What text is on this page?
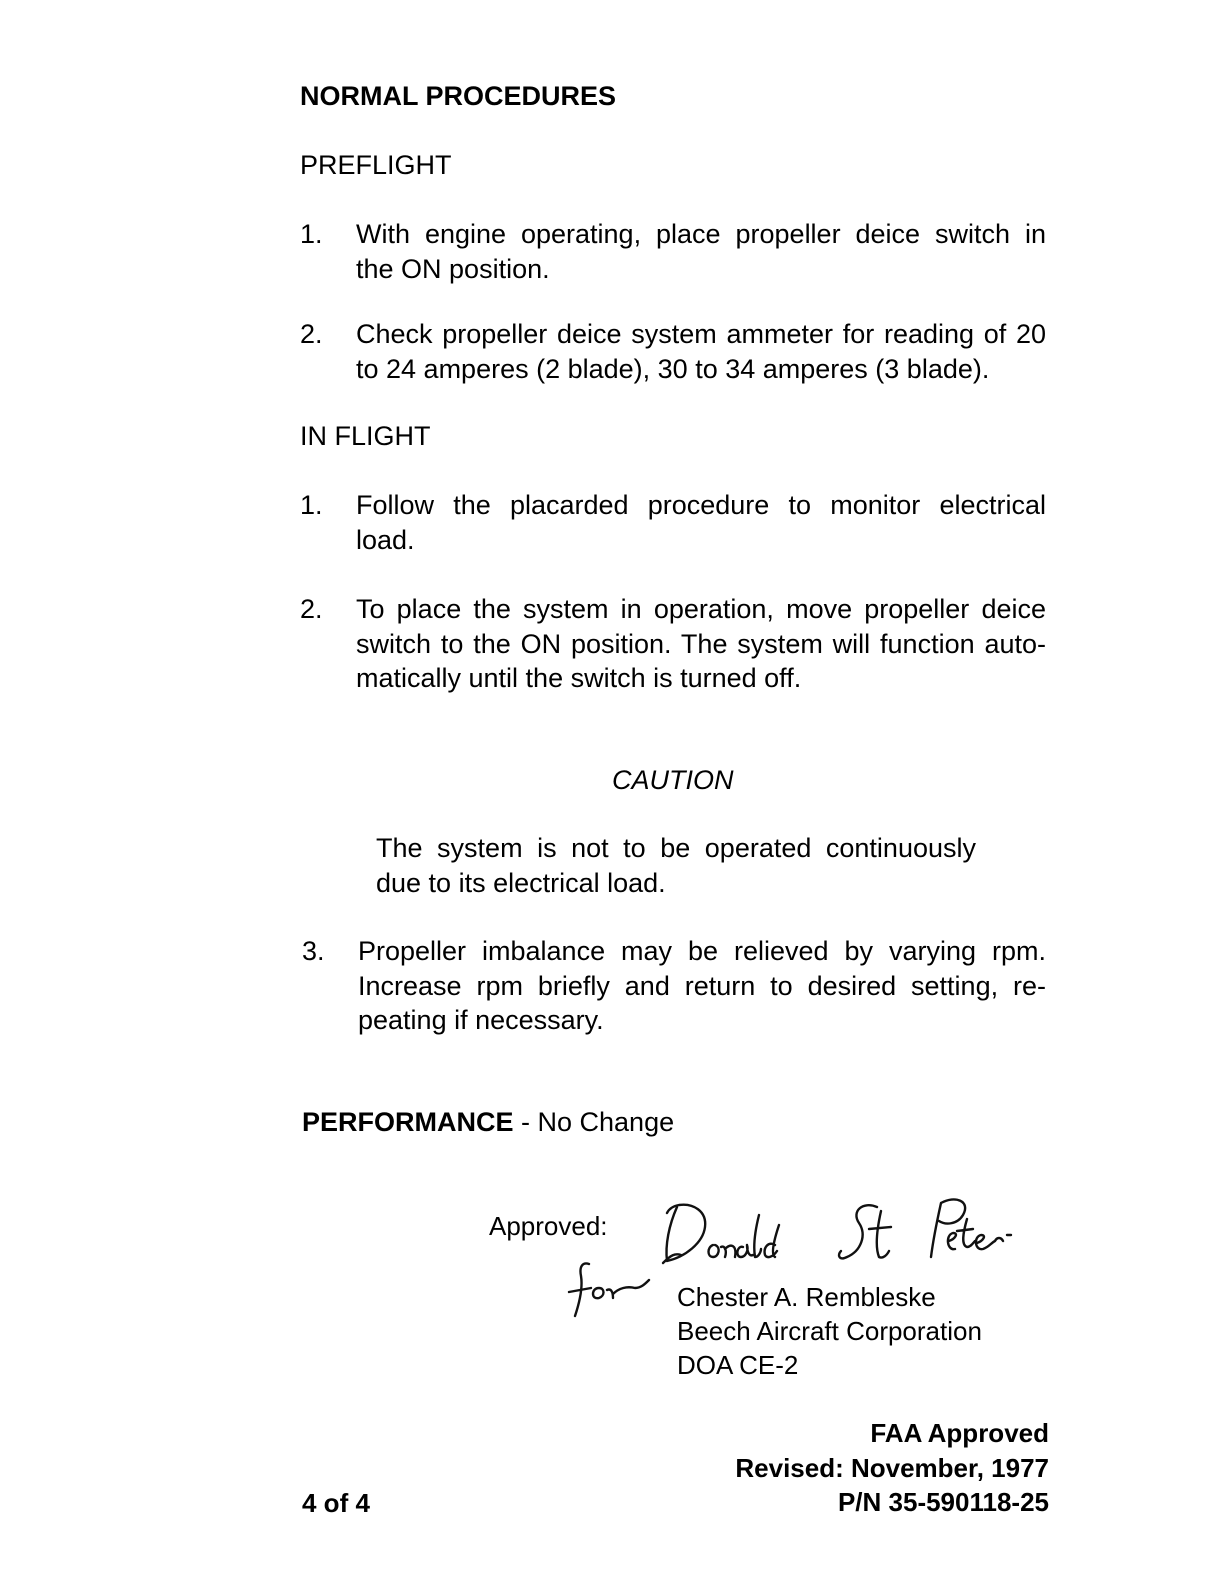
NORMAL PROCEDURES
PREFLIGHT
1. With engine operating, place propeller deice switch in
the ON position.
2. Check propeller deice system ammeter for reading of 20
to 24 amperes (2 blade), 30 to 34 amperes (3 blade).
IN FLIGHT
1. Follow the placarded procedure to monitor electrical
load.
2. To place the system in operation, move propeller deice
switch to the ON position. The system will function auto-
matically until the switch is turned off.
CAUTION
The system is not to be operated continuously
due to its electrical load.
3. Propeller imbalance may be relieved by varying rpm.
Increase rpm briefly and return to desired setting, re-
peating if necessary.
PERFORMANCE - No Change
Approved:
Chester A. Rembleske
Beech Aircraft Corporation
DOA CE-2
4 of 4
FAA Approved
Revised: November, 1977
P/N 35-590118-25
